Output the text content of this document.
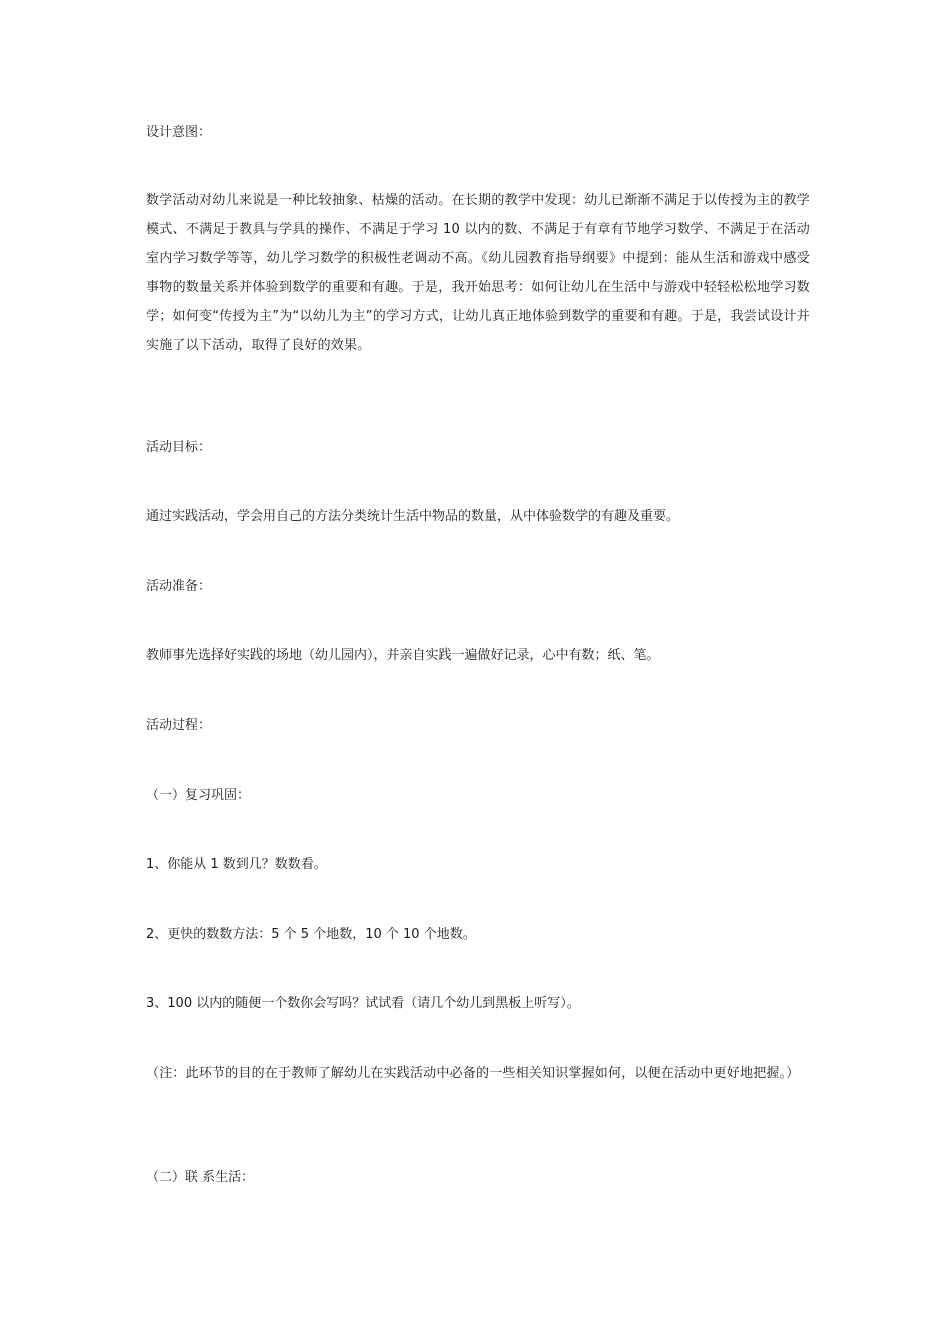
设计意图：
数学活动对幼儿来说是一种比较抽象、枯燥的活动。在长期的教学中发现：幼儿已渐渐不满足于以传授为主的教学模式、不满足于教具与学具的操作、不满足于学习 10 以内的数、不满足于有章有节地学习数学、不满足于在活动室内学习数学等等，幼儿学习数学的积极性老调动不高。《幼儿园教育指导纲要》中提到：能从生活和游戏中感受事物的数量关系并体验到数学的重要和有趣。于是，我开始思考：如何让幼儿在生活中与游戏中轻轻松松地学习数学；如何变“传授为主”为“以幼儿为主”的学习方式，让幼儿真正地体验到数学的重要和有趣。于是，我尝试设计并实施了以下活动，取得了良好的效果。
活动目标：
通过实践活动，学会用自己的方法分类统计生活中物品的数量，从中体验数学的有趣及重要。
活动准备：
教师事先选择好实践的场地（幼儿园内），并亲自实践一遍做好记录，心中有数；纸、笔。
活动过程：
（一）复习巩固：
1、你能从 1 数到几？数数看。
2、更快的数数方法：5 个 5 个地数，10 个 10 个地数。
3、100 以内的随便一个数你会写吗？试试看（请几个幼儿到黑板上听写）。
（注：此环节的目的在于教师了解幼儿在实践活动中必备的一些相关知识掌握如何，以便在活动中更好地把握。）
（二）联 系生活：
